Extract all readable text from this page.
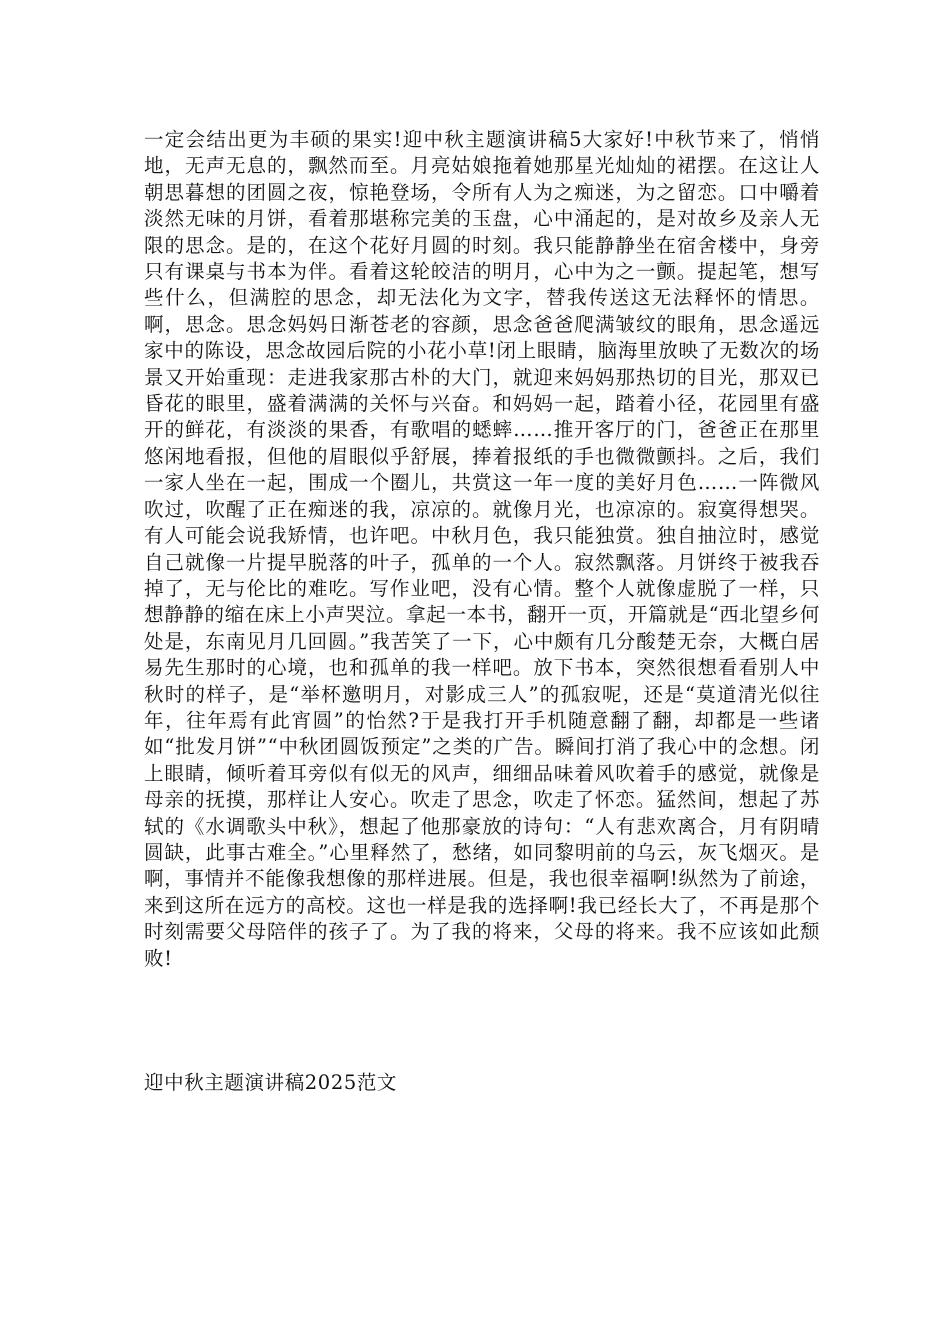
一定会结出更为丰硕的果实!迎中秋主题演讲稿5大家好!中秋节来了，悄悄地，无声无息的，飘然而至。月亮姑娘拖着她那星光灿灿的裙摆。在这让人朝思暮想的团圆之夜，惊艳登场，令所有人为之痴迷，为之留恋。口中嚼着淡然无味的月饼，看着那堪称完美的玉盘，心中涌起的，是对故乡及亲人无限的思念。是的，在这个花好月圆的时刻。我只能静静坐在宿舍楼中，身旁只有课桌与书本为伴。看着这轮皎洁的明月，心中为之一颤。提起笔，想写些什么，但满腔的思念，却无法化为文字，替我传送这无法释怀的情思。啊，思念。思念妈妈日渐苍老的容颜，思念爸爸爬满皱纹的眼角，思念遥远家中的陈设，思念故园后院的小花小草!闭上眼睛，脑海里放映了无数次的场景又开始重现：走进我家那古朴的大门，就迎来妈妈那热切的目光，那双已昏花的眼里，盛着满满的关怀与兴奋。和妈妈一起，踏着小径，花园里有盛开的鲜花，有淡淡的果香，有歌唱的蟋蟀……推开客厅的门，爸爸正在那里悠闲地看报，但他的眉眼似乎舒展，捧着报纸的手也微微颤抖。之后，我们一家人坐在一起，围成一个圈儿，共赏这一年一度的美好月色……一阵微风吹过，吹醒了正在痴迷的我，凉凉的。就像月光，也凉凉的。寂寞得想哭。有人可能会说我矫情，也许吧。中秋月色，我只能独赏。独自抽泣时，感觉自己就像一片提早脱落的叶子，孤单的一个人。寂然飘落。月饼终于被我吞掉了，无与伦比的难吃。写作业吧，没有心情。整个人就像虚脱了一样，只想静静的缩在床上小声哭泣。拿起一本书，翻开一页，开篇就是“西北望乡何处是，东南见月几回圆。”我苦笑了一下，心中颇有几分酸楚无奈，大概白居易先生那时的心境，也和孤单的我一样吧。放下书本，突然很想看看别人中秋时的样子，是“举杯邀明月，对影成三人”的孤寂呢，还是“莫道清光似往年，往年焉有此宵圆”的怡然?于是我打开手机随意翻了翻，却都是一些诸如“批发月饼”“中秋团圆饭预定”之类的广告。瞬间打消了我心中的念想。闭上眼睛，倾听着耳旁似有似无的风声，细细品味着风吹着手的感觉，就像是母亲的抚摸，那样让人安心。吹走了思念，吹走了怀恋。猛然间，想起了苏轼的《水调歌头中秋》，想起了他那豪放的诗句：“人有悲欢离合，月有阴晴圆缺，此事古难全。”心里释然了，愁绪，如同黎明前的乌云，灰飞烟灭。是啊，事情并不能像我想像的那样进展。但是，我也很幸福啊!纵然为了前途，来到这所在远方的高校。这也一样是我的选择啊!我已经长大了，不再是那个时刻需要父母陪伴的孩子了。为了我的将来，父母的将来。我不应该如此颓败!

迎中秋主题演讲稿2025范文
